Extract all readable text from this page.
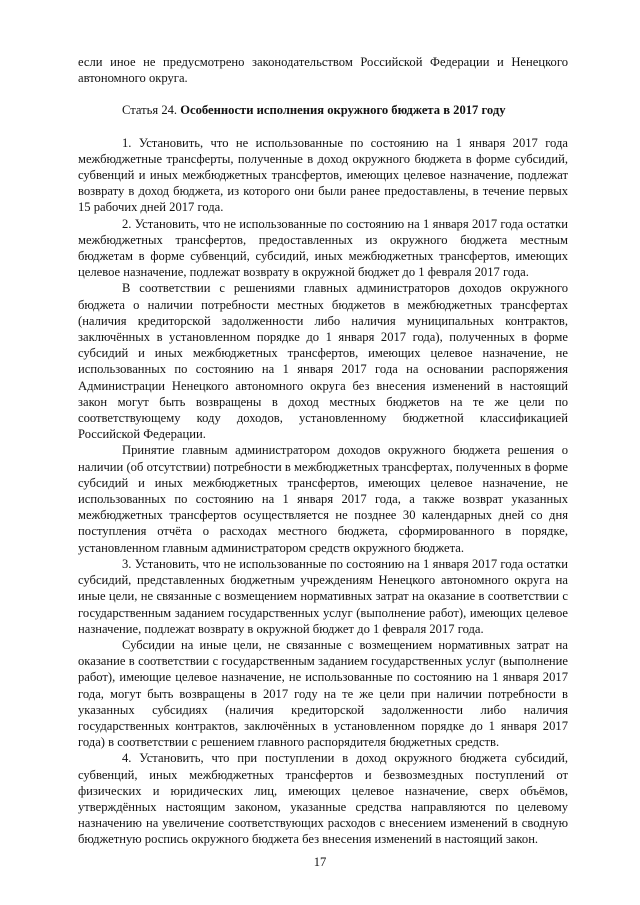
если иное не предусмотрено законодательством Российской Федерации и Ненецкого автономного округа.

Статья 24. Особенности исполнения окружного бюджета в 2017 году

1. Установить, что не использованные по состоянию на 1 января 2017 года межбюджетные трансферты, полученные в доход окружного бюджета в форме субсидий, субвенций и иных межбюджетных трансфертов, имеющих целевое назначение, подлежат возврату в доход бюджета, из которого они были ранее предоставлены, в течение первых 15 рабочих дней 2017 года.

2. Установить, что не использованные по состоянию на 1 января 2017 года остатки межбюджетных трансфертов, предоставленных из окружного бюджета местным бюджетам в форме субвенций, субсидий, иных межбюджетных трансфертов, имеющих целевое назначение, подлежат возврату в окружной бюджет до 1 февраля 2017 года.

В соответствии с решениями главных администраторов доходов окружного бюджета о наличии потребности местных бюджетов в межбюджетных трансфертах (наличия кредиторской задолженности либо наличия муниципальных контрактов, заключённых в установленном порядке до 1 января 2017 года), полученных в форме субсидий и иных межбюджетных трансфертов, имеющих целевое назначение, не использованных по состоянию на 1 января 2017 года на основании распоряжения Администрации Ненецкого автономного округа без внесения изменений в настоящий закон могут быть возвращены в доход местных бюджетов на те же цели по соответствующему коду доходов, установленному бюджетной классификацией Российской Федерации.

Принятие главным администратором доходов окружного бюджета решения о наличии (об отсутствии) потребности в межбюджетных трансфертах, полученных в форме субсидий и иных межбюджетных трансфертов, имеющих целевое назначение, не использованных по состоянию на 1 января 2017 года, а также возврат указанных межбюджетных трансфертов осуществляется не позднее 30 календарных дней со дня поступления отчёта о расходах местного бюджета, сформированного в порядке, установленном главным администратором средств окружного бюджета.

3. Установить, что не использованные по состоянию на 1 января 2017 года остатки субсидий, представленных бюджетным учреждениям Ненецкого автономного округа на иные цели, не связанные с возмещением нормативных затрат на оказание в соответствии с государственным заданием государственных услуг (выполнение работ), имеющих целевое назначение, подлежат возврату в окружной бюджет до 1 февраля 2017 года.

Субсидии на иные цели, не связанные с возмещением нормативных затрат на оказание в соответствии с государственным заданием государственных услуг (выполнение работ), имеющие целевое назначение, не использованные по состоянию на 1 января 2017 года, могут быть возвращены в 2017 году на те же цели при наличии потребности в указанных субсидиях (наличия кредиторской задолженности либо наличия государственных контрактов, заключённых в установленном порядке до 1 января 2017 года) в соответствии с решением главного распорядителя бюджетных средств.

4. Установить, что при поступлении в доход окружного бюджета субсидий, субвенций, иных межбюджетных трансфертов и безвозмездных поступлений от физических и юридических лиц, имеющих целевое назначение, сверх объёмов, утверждённых настоящим законом, указанные средства направляются по целевому назначению на увеличение соответствующих расходов с внесением изменений в сводную бюджетную роспись окружного бюджета без внесения изменений в настоящий закон.

17
